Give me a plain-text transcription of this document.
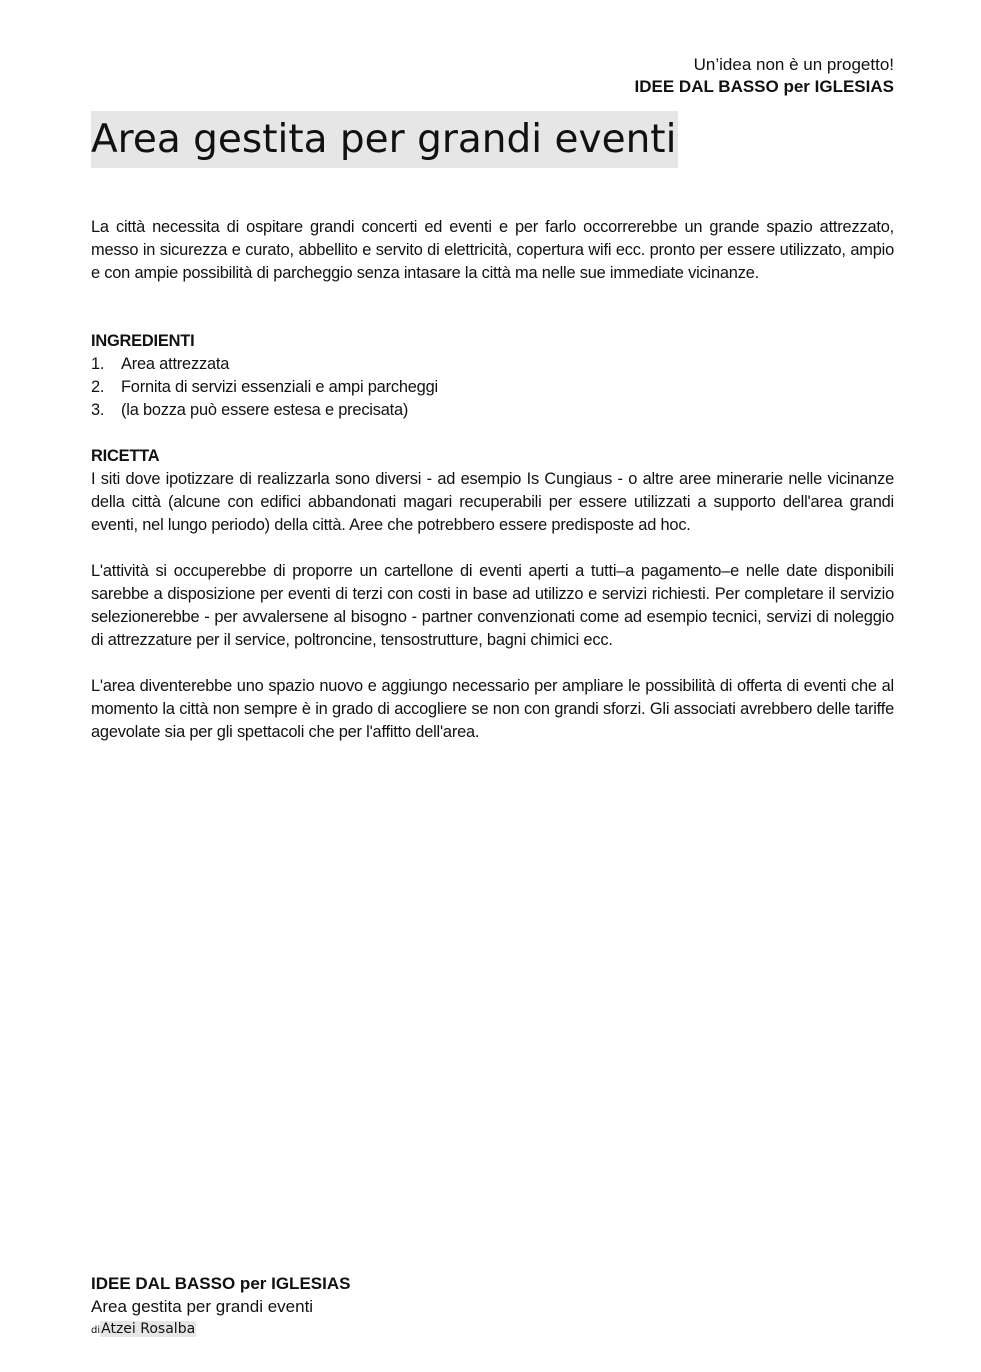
Un’idea non è un progetto!
IDEE DAL BASSO per IGLESIAS
Area gestita per grandi eventi

La città necessita di ospitare grandi concerti ed eventi e per farlo occorrerebbe un grande spazio attrezzato, messo in sicurezza e curato, abbellito e servito di elettricità, copertura wifi ecc. pronto per essere utilizzato, ampio e con ampie possibilità di parcheggio senza intasare la città ma nelle sue immediate vicinanze.

INGREDIENTI

1.	Area attrezzata
2.	Fornita di servizi essenziali e ampi parcheggi
3.	(la bozza può essere estesa e precisata)

RICETTA

I siti dove ipotizzare di realizzarla sono diversi - ad esempio Is Cungiaus - o altre aree minerarie nelle vicinanze della città (alcune con edifici abbandonati magari recuperabili per essere utilizzati a supporto dell'area grandi eventi, nel lungo periodo) della città. Aree che potrebbero essere predisposte ad hoc.

L'attività si occuperebbe di proporre un cartellone di eventi aperti a tutti–a pagamento–e nelle date disponibili sarebbe a disposizione per eventi di terzi con costi in base ad utilizzo e servizi richiesti. Per completare il servizio selezionerebbe - per avvalersene al bisogno - partner convenzionati come ad esempio tecnici, servizi di noleggio di attrezzature per il service, poltroncine, tensostrutture, bagni chimici ecc.

L'area diventerebbe uno spazio nuovo e aggiungo necessario per ampliare le possibilità di offerta di eventi che al momento la città non sempre è in grado di accogliere se non con grandi sforzi. Gli associati avrebbero delle tariffe agevolate sia per gli spettacoli che per l'affitto dell'area.

IDEE DAL BASSO per IGLESIAS
Area gestita per grandi eventi
diAtzei Rosalba
